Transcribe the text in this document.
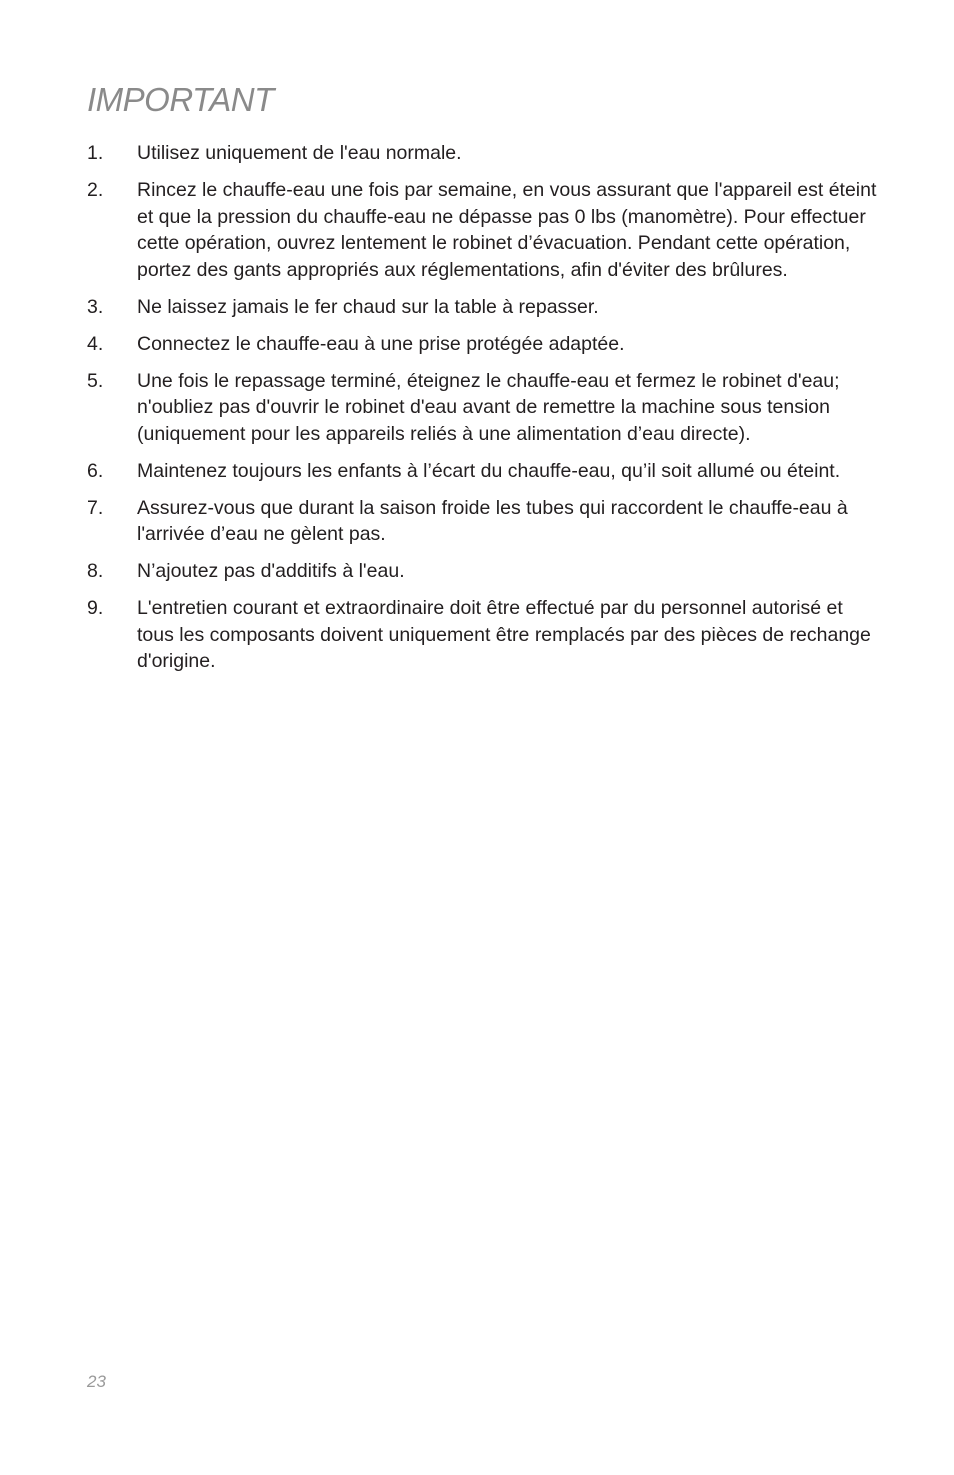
IMPORTANT
1.	Utilisez uniquement de l'eau normale.
2.	Rincez le chauffe-eau une fois par semaine, en vous assurant que l'appareil est éteint et que la pression du chauffe-eau ne dépasse pas 0 lbs (manomètre). Pour effectuer cette opération, ouvrez lentement le robinet d’évacuation. Pendant cette opération, portez des gants appropriés aux réglementations, afin d'éviter des brûlures.
3.	Ne laissez jamais le fer chaud sur la table à repasser.
4.	Connectez le chauffe-eau à une prise protégée adaptée.
5.	Une fois le repassage terminé, éteignez le chauffe-eau et fermez le robinet d'eau; n'oubliez pas d'ouvrir le robinet d'eau avant de remettre la machine sous tension (uniquement pour les appareils reliés à une alimentation d’eau directe).
6.	Maintenez toujours les enfants à l’écart du chauffe-eau, qu’il soit allumé ou éteint.
7.	Assurez-vous que durant la saison froide les tubes qui raccordent le chauffe-eau à l'arrivée d’eau ne gèlent pas.
8.	N’ajoutez pas d'additifs à l'eau.
9.	L'entretien courant et extraordinaire doit être effectué par du personnel autorisé et tous les composants doivent uniquement être remplacés par des pièces de rechange d'origine.
23
